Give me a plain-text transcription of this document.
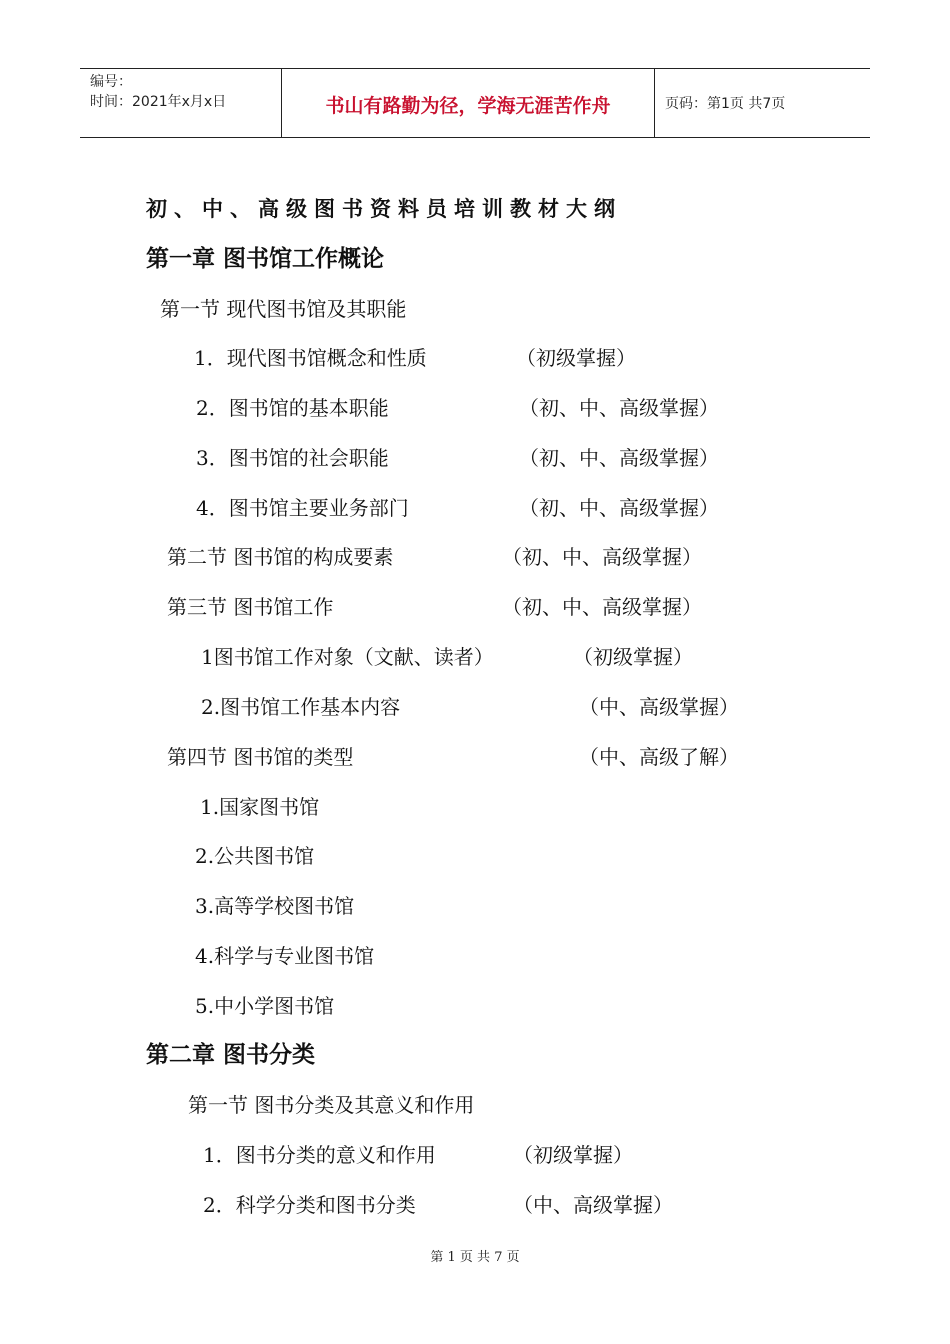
编号：
时间：2021年x月x日	书山有路勤为径，学海无涯苦作舟	页码：第1页 共7页
初、中、高级图书资料员培训教材大纲
第一章 图书馆工作概论
第一节 现代图书馆及其职能
1．现代图书馆概念和性质	（初级掌握）
2．图书馆的基本职能	（初、中、高级掌握）
3．图书馆的社会职能	（初、中、高级掌握）
4．图书馆主要业务部门	（初、中、高级掌握）
第二节 图书馆的构成要素	（初、中、高级掌握）
第三节 图书馆工作	（初、中、高级掌握）
1图书馆工作对象（文献、读者）	（初级掌握）
2.图书馆工作基本内容	（中、高级掌握）
第四节 图书馆的类型	（中、高级了解）
1.国家图书馆
2.公共图书馆
3.高等学校图书馆
4.科学与专业图书馆
5.中小学图书馆
第二章 图书分类
第一节 图书分类及其意义和作用
1．图书分类的意义和作用	（初级掌握）
2．科学分类和图书分类	（中、高级掌握）
第 1 页 共 7 页
